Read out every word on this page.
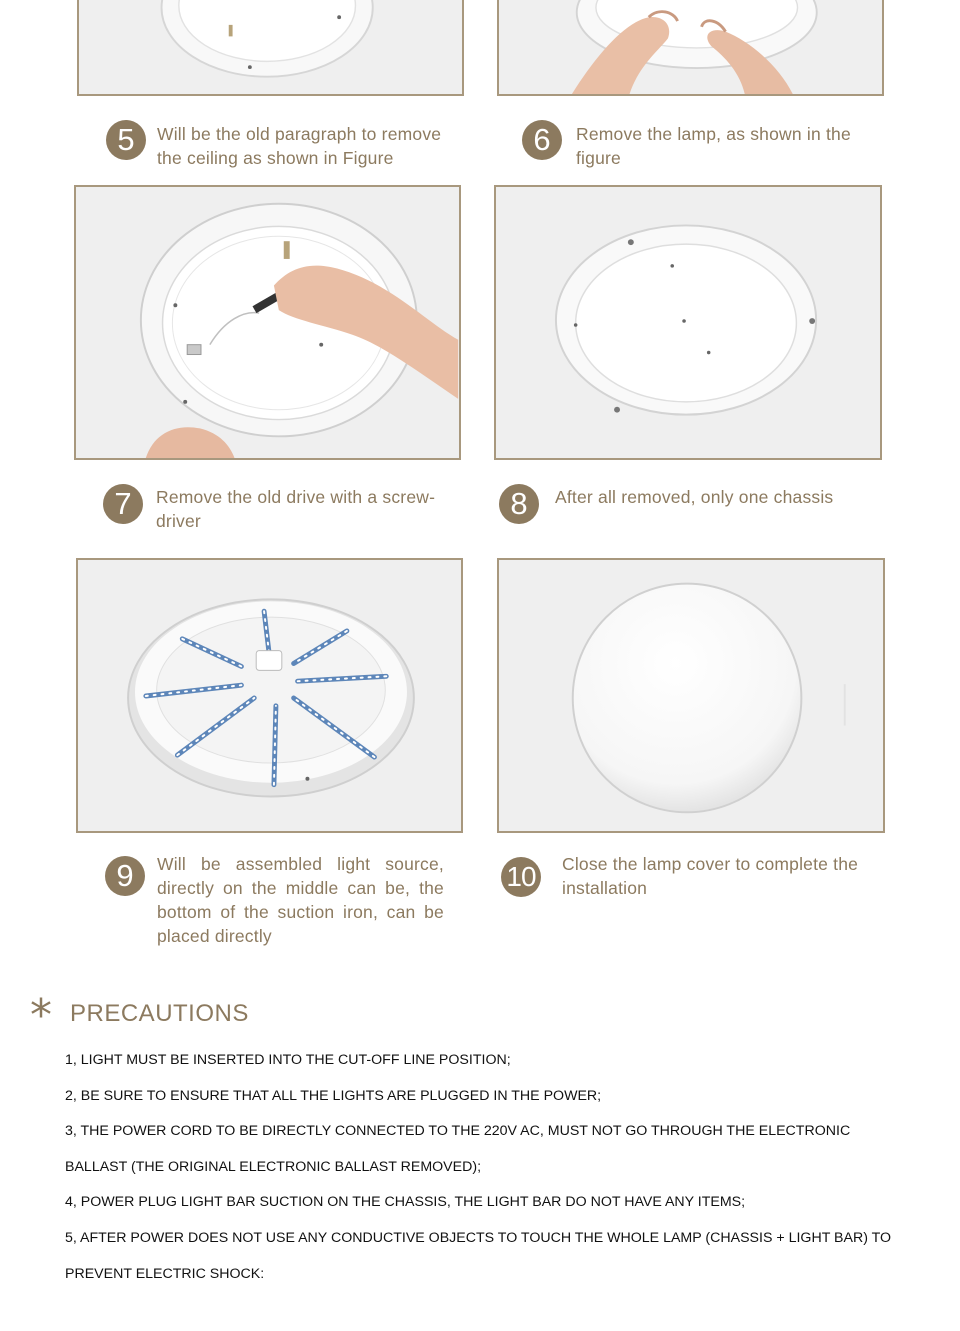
5	Will be the old paragraph to remove
the ceiling as shown in Figure
6	Remove the lamp, as shown in the
figure
7	Remove the old drive with a screw-
driver	8	After all removed, only one chassis
9	Will be assembled light source, directly on the middle can be, the bottom of the suction iron, can be placed directly
10	Close the lamp cover to complete the
installation
* PRECAUTIONS
1, LIGHT MUST BE INSERTED INTO THE CUT-OFF LINE POSITION;
2, BE SURE TO ENSURE THAT ALL THE LIGHTS ARE PLUGGED IN THE POWER;
3, THE POWER CORD TO BE DIRECTLY CONNECTED TO THE 220V AC, MUST NOT GO THROUGH THE ELECTRONIC
BALLAST (THE ORIGINAL ELECTRONIC BALLAST REMOVED);
4, POWER PLUG LIGHT BAR SUCTION ON THE CHASSIS, THE LIGHT BAR DO NOT HAVE ANY ITEMS;
5, AFTER POWER DOES NOT USE ANY CONDUCTIVE OBJECTS TO TOUCH THE WHOLE LAMP (CHASSIS + LIGHT BAR) TO
PREVENT ELECTRIC SHOCK:
